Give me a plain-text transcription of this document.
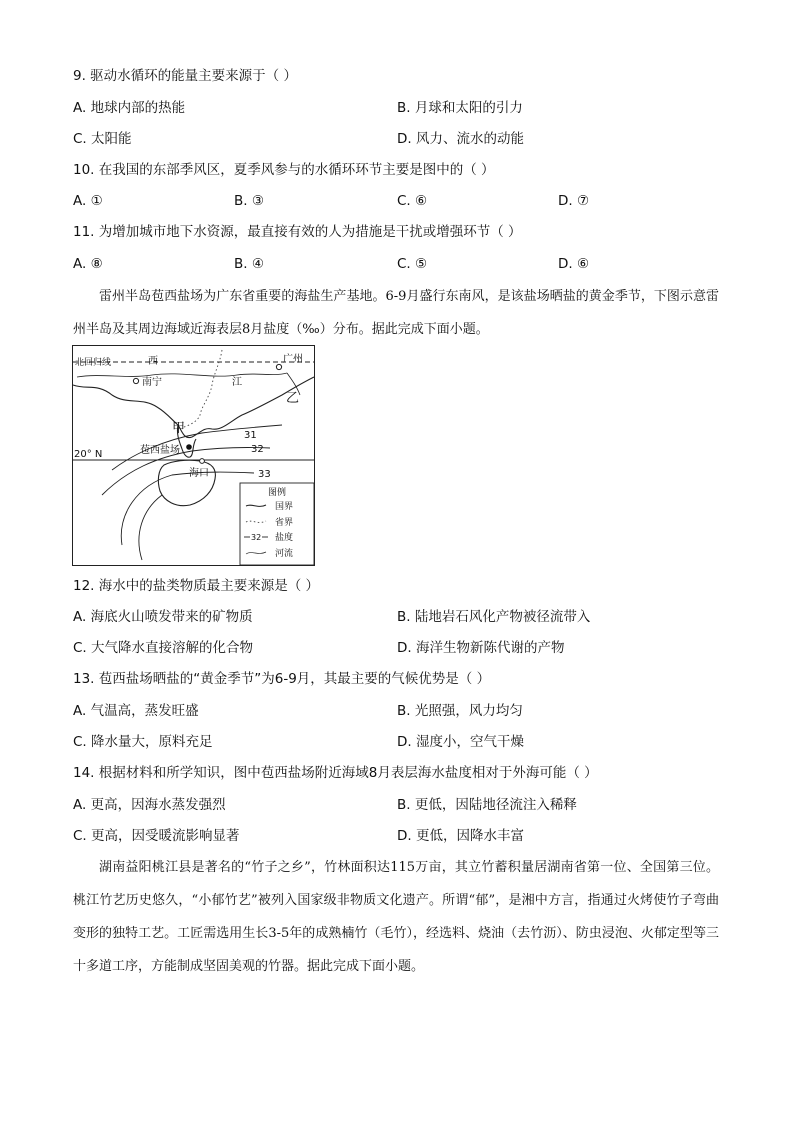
9. 驱动水循环的能量主要来源于（ ）
A. 地球内部的热能	B. 月球和太阳的引力
C. 太阳能	D. 风力、流水的动能
10. 在我国的东部季风区，夏季风参与的水循环环节主要是图中的（ ）
A. ①	B. ③	C. ⑥	D. ⑦
11. 为增加城市地下水资源，最直接有效的人为措施是干扰或增强环节（ ）
A. ⑧	B. ④	C. ⑤	D. ⑥
雷州半岛苞西盐场为广东省重要的海盐生产基地。6-9月盛行东南风，是该盐场晒盐的黄金季节，下图示意雷州半岛及其周边海域近海表层8月盐度（‰）分布。据此完成下面小题。
北回归线	西
江
广州
南宁
甲
乙
20° N	苞西盐场
海口
31
32
33
图例
国界
省界
32 盐度
河流
12. 海水中的盐类物质最主要来源是（ ）
A. 海底火山喷发带来的矿物质	B. 陆地岩石风化产物被径流带入
C. 大气降水直接溶解的化合物	D. 海洋生物新陈代谢的产物
13. 苞西盐场晒盐的“黄金季节”为6-9月，其最主要的气候优势是（ ）
A. 气温高，蒸发旺盛	B. 光照强，风力均匀
C. 降水量大，原料充足	D. 湿度小，空气干燥
14. 根据材料和所学知识，图中苞西盐场附近海域8月表层海水盐度相对于外海可能（ ）
A. 更高，因海水蒸发强烈	B. 更低，因陆地径流注入稀释
C. 更高，因受暖流影响显著	D. 更低，因降水丰富
湖南益阳桃江县是著名的“竹子之乡”，竹林面积达115万亩，其立竹蓄积量居湖南省第一位、全国第三位。桃江竹艺历史悠久，“小郁竹艺”被列入国家级非物质文化遗产。所谓“郁”，是湘中方言，指通过火烤使竹子弯曲变形的独特工艺。工匠需选用生长3-5年的成熟楠竹（毛竹），经选料、烧油（去竹沥）、防虫浸泡、火郁定型等三十多道工序，方能制成坚固美观的竹器。据此完成下面小题。
